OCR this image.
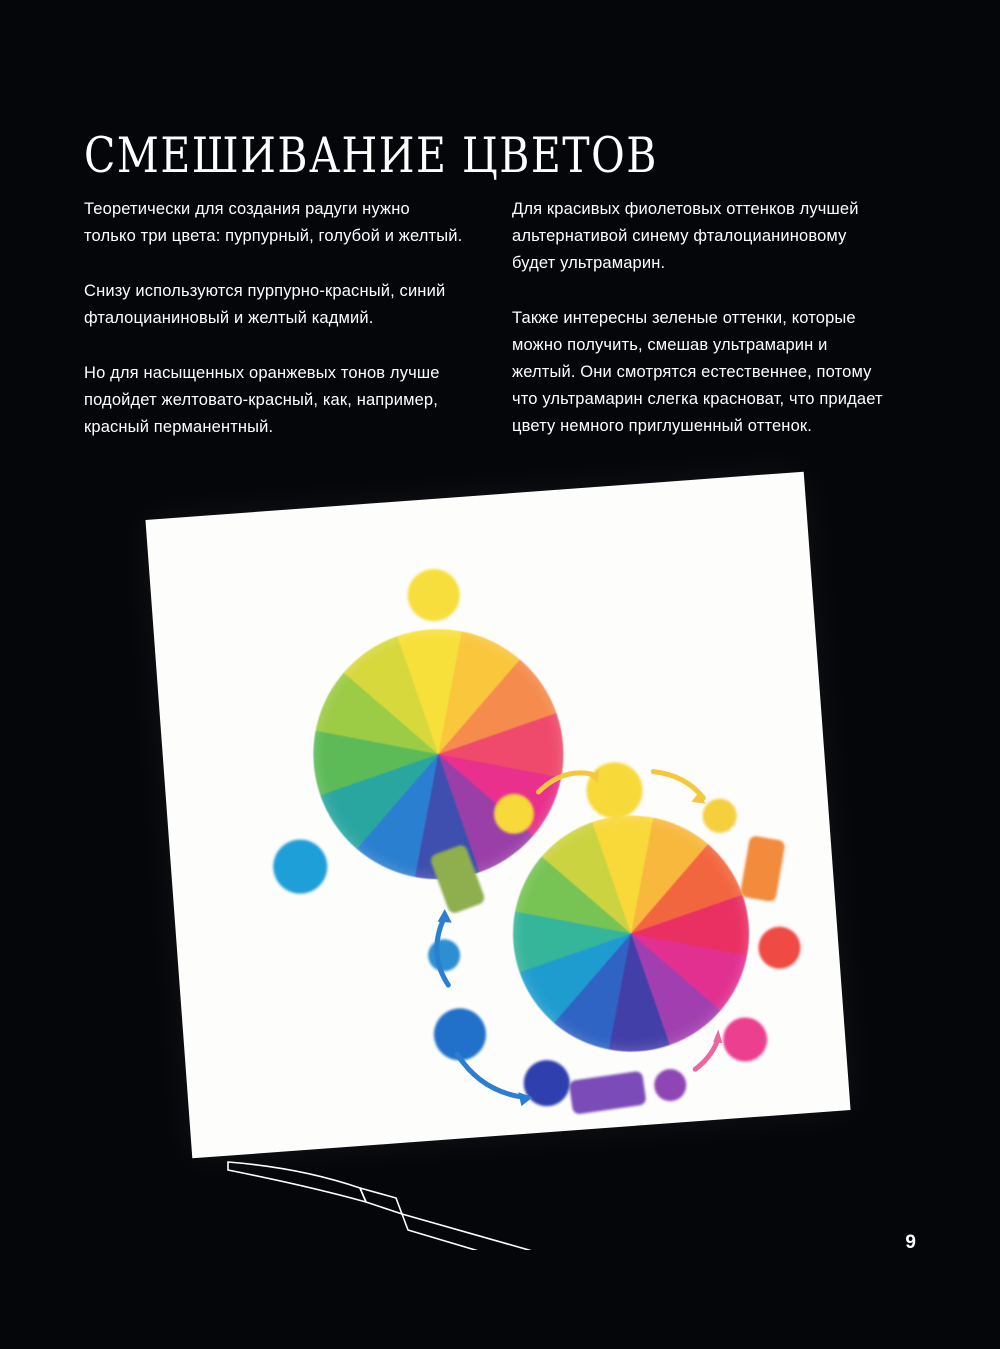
СМЕШИВАНИЕ ЦВЕТОВ

Теоретически для создания радуги нужно только три цвета: пурпурный, голубой и желтый.

Снизу используются пурпурно-красный, синий фталоцианиновый и желтый кадмий.

Но для насыщенных оранжевых тонов лучше подойдет желтовато-красный, как, например, красный перманентный.

Для красивых фиолетовых оттенков лучшей альтернативой синему фталоцианиновому будет ультрамарин.

Также интересны зеленые оттенки, которые можно получить, смешав ультрамарин и желтый. Они смотрятся естественнее, потому что ультрамарин слегка красноват, что придает цвету немного приглушенный оттенок.

9
